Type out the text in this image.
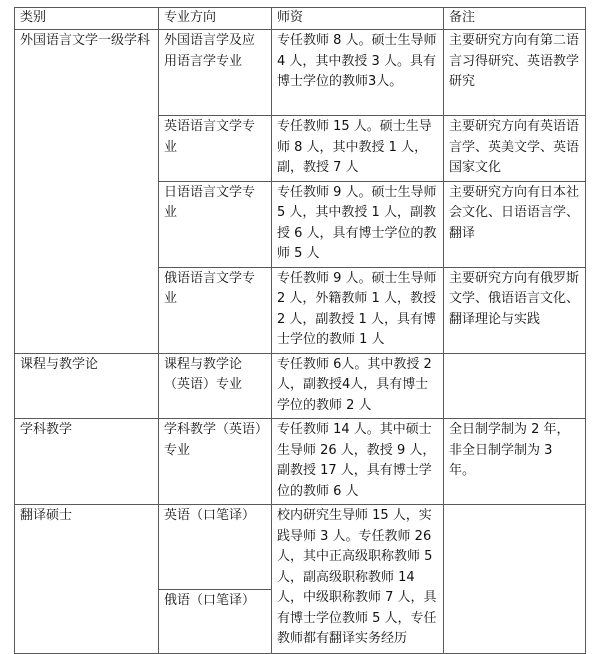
类别	专业方向	师资	备注
外国语言文学一级学科	外国语言学及应用语言学专业	专任教师 8 人。硕士生导师 4 人，其中教授 3 人。具有博士学位的教师3人。	主要研究方向有第二语言习得研究、英语教学研究
	英语语言文学专业	专任教师 15 人。硕士生导师 8 人，其中教授 1 人，副，教授 7 人	主要研究方向有英语语言学、英美文学、英语国家文化
	日语语言文学专业	专任教师 9 人。硕士生导师 5 人，其中教授 1 人，副教授 6 人，具有博士学位的教师 5 人	主要研究方向有日本社会文化、日语语言学、翻译
	俄语语言文学专业	专任教师 9 人。硕士生导师 2 人，外籍教师 1 人，教授 2 人，副教授 1 人，具有博士学位的教师 1 人	主要研究方向有俄罗斯文学、俄语语言文化、翻译理论与实践
课程与教学论	课程与教学论（英语）专业	专任教师 6人。其中教授 2人，副教授4人，具有博士学位的教师 2 人	
学科教学	学科教学（英语）专业	专任教师 14 人。其中硕士生导师 26 人，教授 9 人，副教授 17 人，具有博士学位的教师 6 人	全日制学制为 2 年，非全日制学制为 3 年。
翻译硕士	英语（口笔译）	校内研究生导师 15 人，实践导师 3 人。专任教师 26 人，其中正高级职称教师 5 人，副高级职称教师 14 人，中级职称教师 7 人，具有博士学位教师 5 人，专任教师都有翻译实务经历	
	俄语（口笔译）		
